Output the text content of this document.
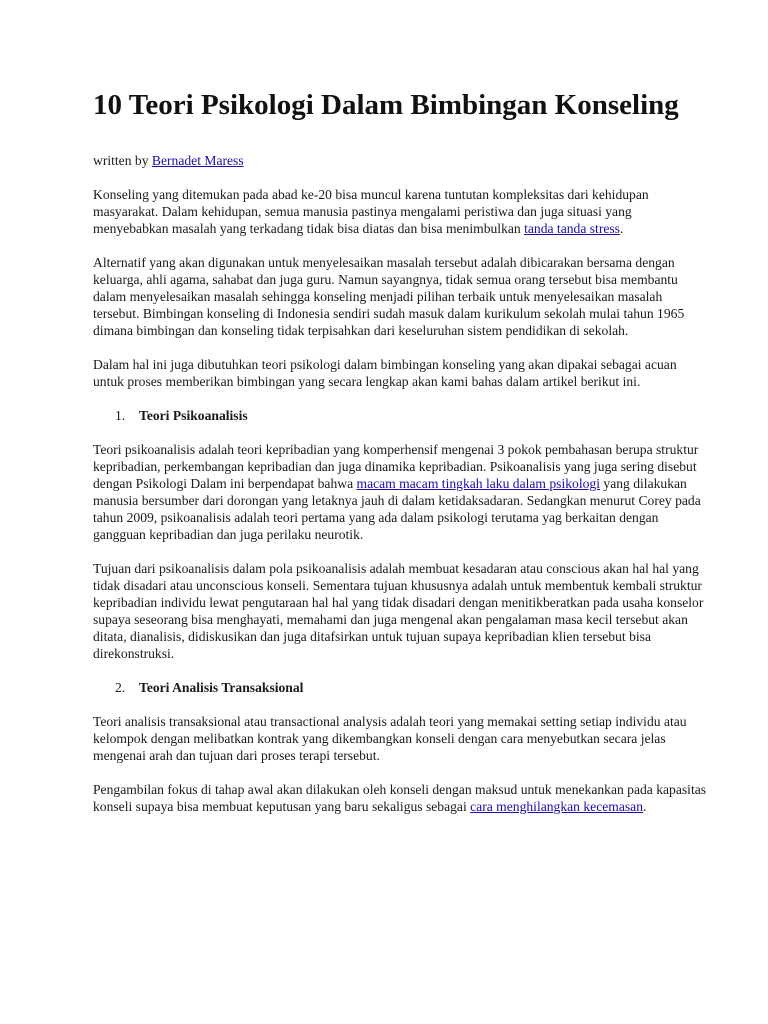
10 Teori Psikologi Dalam Bimbingan Konseling

written by Bernadet Maress

Konseling yang ditemukan pada abad ke-20 bisa muncul karena tuntutan kompleksitas dari kehidupan masyarakat. Dalam kehidupan, semua manusia pastinya mengalami peristiwa dan juga situasi yang menyebabkan masalah yang terkadang tidak bisa diatas dan bisa menimbulkan tanda tanda stress.

Alternatif yang akan digunakan untuk menyelesaikan masalah tersebut adalah dibicarakan bersama dengan keluarga, ahli agama, sahabat dan juga guru. Namun sayangnya, tidak semua orang tersebut bisa membantu dalam menyelesaikan masalah sehingga konseling menjadi pilihan terbaik untuk menyelesaikan masalah tersebut. Bimbingan konseling di Indonesia sendiri sudah masuk dalam kurikulum sekolah mulai tahun 1965 dimana bimbingan dan konseling tidak terpisahkan dari keseluruhan sistem pendidikan di sekolah.

Dalam hal ini juga dibutuhkan teori psikologi dalam bimbingan konseling yang akan dipakai sebagai acuan untuk proses memberikan bimbingan yang secara lengkap akan kami bahas dalam artikel berikut ini.

1. Teori Psikoanalisis

Teori psikoanalisis adalah teori kepribadian yang komperhensif mengenai 3 pokok pembahasan berupa struktur kepribadian, perkembangan kepribadian dan juga dinamika kepribadian. Psikoanalisis yang juga sering disebut dengan Psikologi Dalam ini berpendapat bahwa macam macam tingkah laku dalam psikologi yang dilakukan manusia bersumber dari dorongan yang letaknya jauh di dalam ketidaksadaran. Sedangkan menurut Corey pada tahun 2009, psikoanalisis adalah teori pertama yang ada dalam psikologi terutama yag berkaitan dengan gangguan kepribadian dan juga perilaku neurotik.

Tujuan dari psikoanalisis dalam pola psikoanalisis adalah membuat kesadaran atau conscious akan hal hal yang tidak disadari atau unconscious konseli. Sementara tujuan khususnya adalah untuk membentuk kembali struktur kepribadian individu lewat pengutaraan hal hal yang tidak disadari dengan menitikberatkan pada usaha konselor supaya seseorang bisa menghayati, memahami dan juga mengenal akan pengalaman masa kecil tersebut akan ditata, dianalisis, didiskusikan dan juga ditafsirkan untuk tujuan supaya kepribadian klien tersebut bisa direkonstruksi.

2. Teori Analisis Transaksional

Teori analisis transaksional atau transactional analysis adalah teori yang memakai setting setiap individu atau kelompok dengan melibatkan kontrak yang dikembangkan konseli dengan cara menyebutkan secara jelas mengenai arah dan tujuan dari proses terapi tersebut.

Pengambilan fokus di tahap awal akan dilakukan oleh konseli dengan maksud untuk menekankan pada kapasitas konseli supaya bisa membuat keputusan yang baru sekaligus sebagai cara menghilangkan kecemasan.
